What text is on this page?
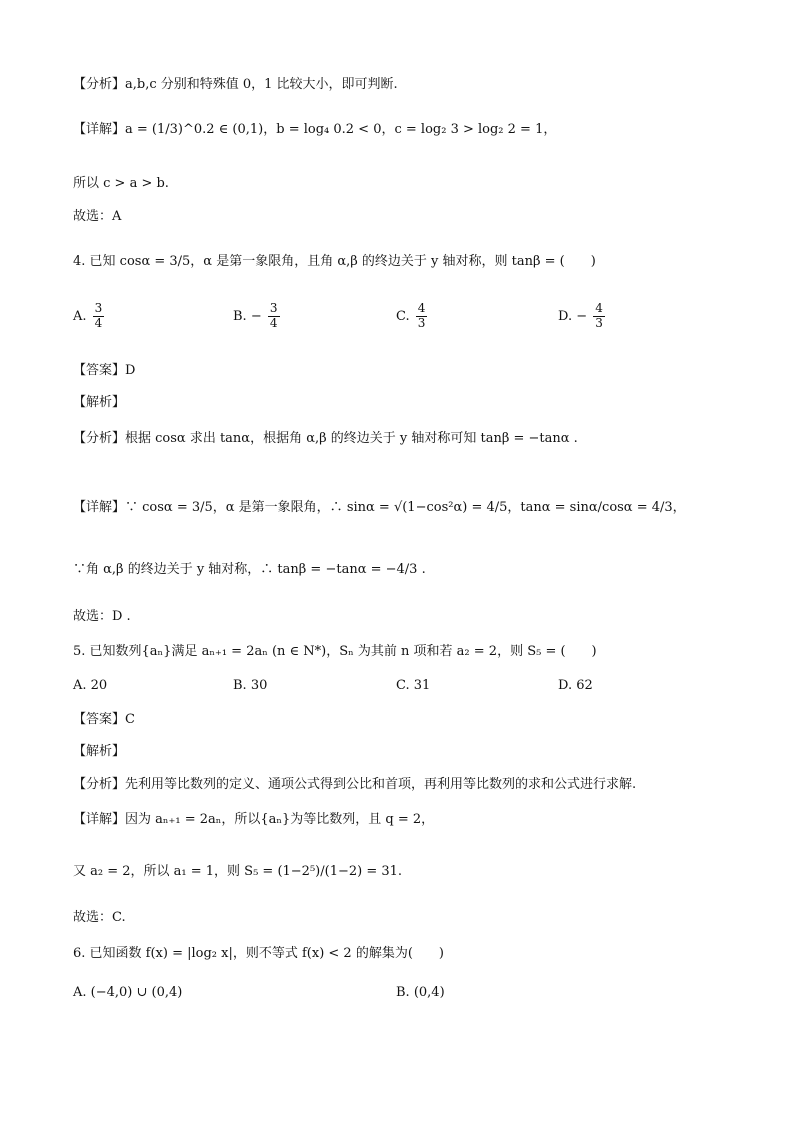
【分析】a,b,c 分别和特殊值 0，1 比较大小，即可判断.
【详解】a = (1/3)^0.2 ∈ (0,1)，b = log₄ 0.2 < 0，c = log₂ 3 > log₂ 2 = 1，
所以 c > a > b.
故选：A
4. 已知 cosα = 3/5，α 是第一象限角，且角 α,β 的终边关于 y 轴对称，则 tanβ = (　　)
A. $\frac{3}{4}$	B. − $\frac{3}{4}$	C. $\frac{4}{3}$	D. − $\frac{4}{3}$
【答案】D
【解析】
【分析】根据 cosα 求出 tanα，根据角 α,β 的终边关于 y 轴对称可知 tanβ = −tanα .
【详解】∵ cosα = 3/5，α 是第一象限角，∴ sinα = √(1−cos²α) = 4/5，tanα = sinα/cosα = 4/3，
∵角 α,β 的终边关于 y 轴对称，∴ tanβ = −tanα = −4/3 .
故选：D .
5. 已知数列{aₙ}满足 aₙ₊₁ = 2aₙ (n ∈ N*)，Sₙ 为其前 n 项和若 a₂ = 2，则 S₅ = (　　)
A. 20	B. 30	C. 31	D. 62
【答案】C
【解析】
【分析】先利用等比数列的定义、通项公式得到公比和首项，再利用等比数列的求和公式进行求解.
【详解】因为 aₙ₊₁ = 2aₙ，所以{aₙ}为等比数列，且 q = 2，
又 a₂ = 2，所以 a₁ = 1，则 S₅ = (1−2⁵)/(1−2) = 31.
故选：C.
6. 已知函数 f(x) = |log₂ x|，则不等式 f(x) < 2 的解集为(　　)
A. (−4,0) ∪ (0,4)	B. (0,4)
